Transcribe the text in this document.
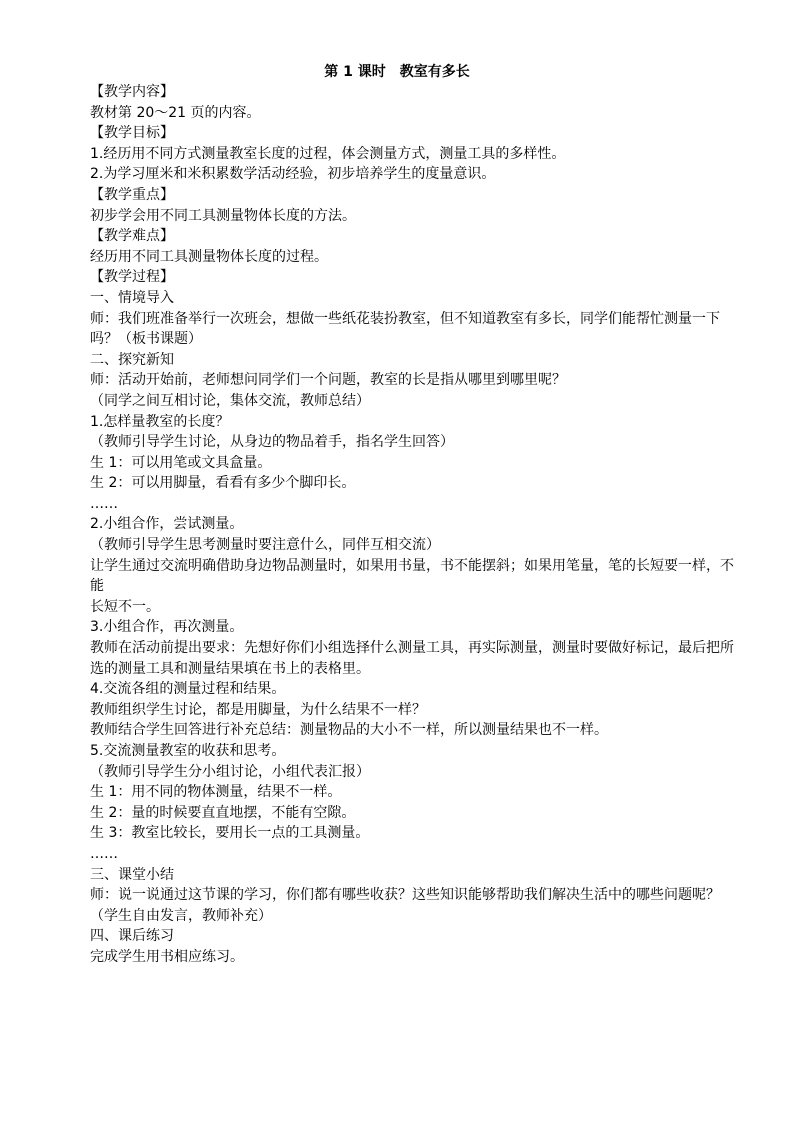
第 1 课时　教室有多长
【教学内容】
教材第 20～21 页的内容。
【教学目标】
1.经历用不同方式测量教室长度的过程，体会测量方式，测量工具的多样性。
2.为学习厘米和米积累数学活动经验，初步培养学生的度量意识。
【教学重点】
初步学会用不同工具测量物体长度的方法。
【教学难点】
经历用不同工具测量物体长度的过程。
【教学过程】
一、情境导入
师：我们班准备举行一次班会，想做一些纸花装扮教室，但不知道教室有多长，同学们能帮忙测量一下吗？（板书课题）
二、探究新知
师：活动开始前，老师想问同学们一个问题，教室的长是指从哪里到哪里呢？
（同学之间互相讨论，集体交流，教师总结）
1.怎样量教室的长度？
（教师引导学生讨论，从身边的物品着手，指名学生回答）
生 1：可以用笔或文具盒量。
生 2：可以用脚量，看看有多少个脚印长。
……
2.小组合作，尝试测量。
（教师引导学生思考测量时要注意什么，同伴互相交流）
让学生通过交流明确借助身边物品测量时，如果用书量，书不能摆斜；如果用笔量，笔的长短要一样，不能
长短不一。
3.小组合作，再次测量。
教师在活动前提出要求：先想好你们小组选择什么测量工具，再实际测量，测量时要做好标记，最后把所选的测量工具和测量结果填在书上的表格里。
4.交流各组的测量过程和结果。
教师组织学生讨论，都是用脚量，为什么结果不一样？
教师结合学生回答进行补充总结：测量物品的大小不一样，所以测量结果也不一样。
5.交流测量教室的收获和思考。
（教师引导学生分小组讨论，小组代表汇报）
生 1：用不同的物体测量，结果不一样。
生 2：量的时候要直直地摆，不能有空隙。
生 3：教室比较长，要用长一点的工具测量。
……
三、课堂小结
师：说一说通过这节课的学习，你们都有哪些收获？这些知识能够帮助我们解决生活中的哪些问题呢？
（学生自由发言，教师补充）
四、课后练习
完成学生用书相应练习。
